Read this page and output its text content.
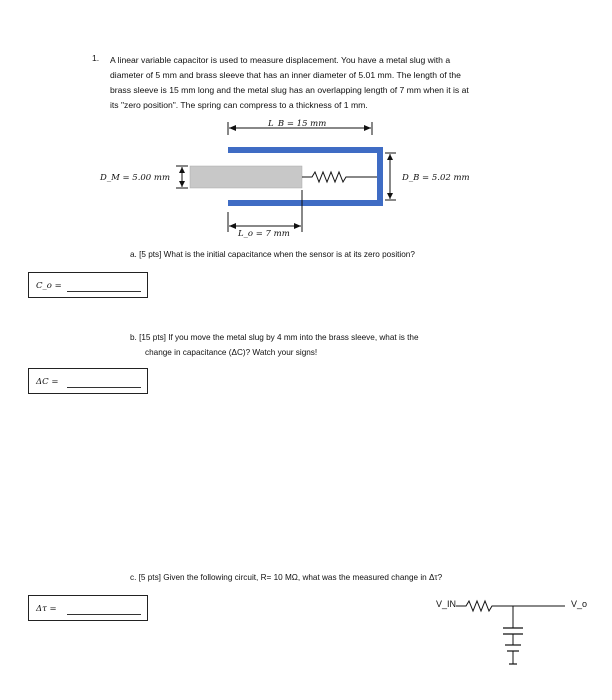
1. A linear variable capacitor is used to measure displacement. You have a metal slug with a
diameter of 5 mm and brass sleeve that has an inner diameter of 5.01 mm. The length of the
brass sleeve is 15 mm long and the metal slug has an overlapping length of 7 mm when it is at
its "zero position". The spring can compress to a thickness of 1 mm.
L_B = 15 mm
D_M = 5.00 mm	D_B = 5.02 mm
L_o = 7 mm
a. [5 pts] What is the initial capacitance when the sensor is at its zero position?
C_o =
b. [15 pts] If you move the metal slug by 4 mm into the brass sleeve, what is the
change in capacitance (ΔC)? Watch your signs!
ΔC =
c. [5 pts] Given the following circuit, R= 10 MΩ, what was the measured change in Δτ?
Δτ =	V_IN	V_o
